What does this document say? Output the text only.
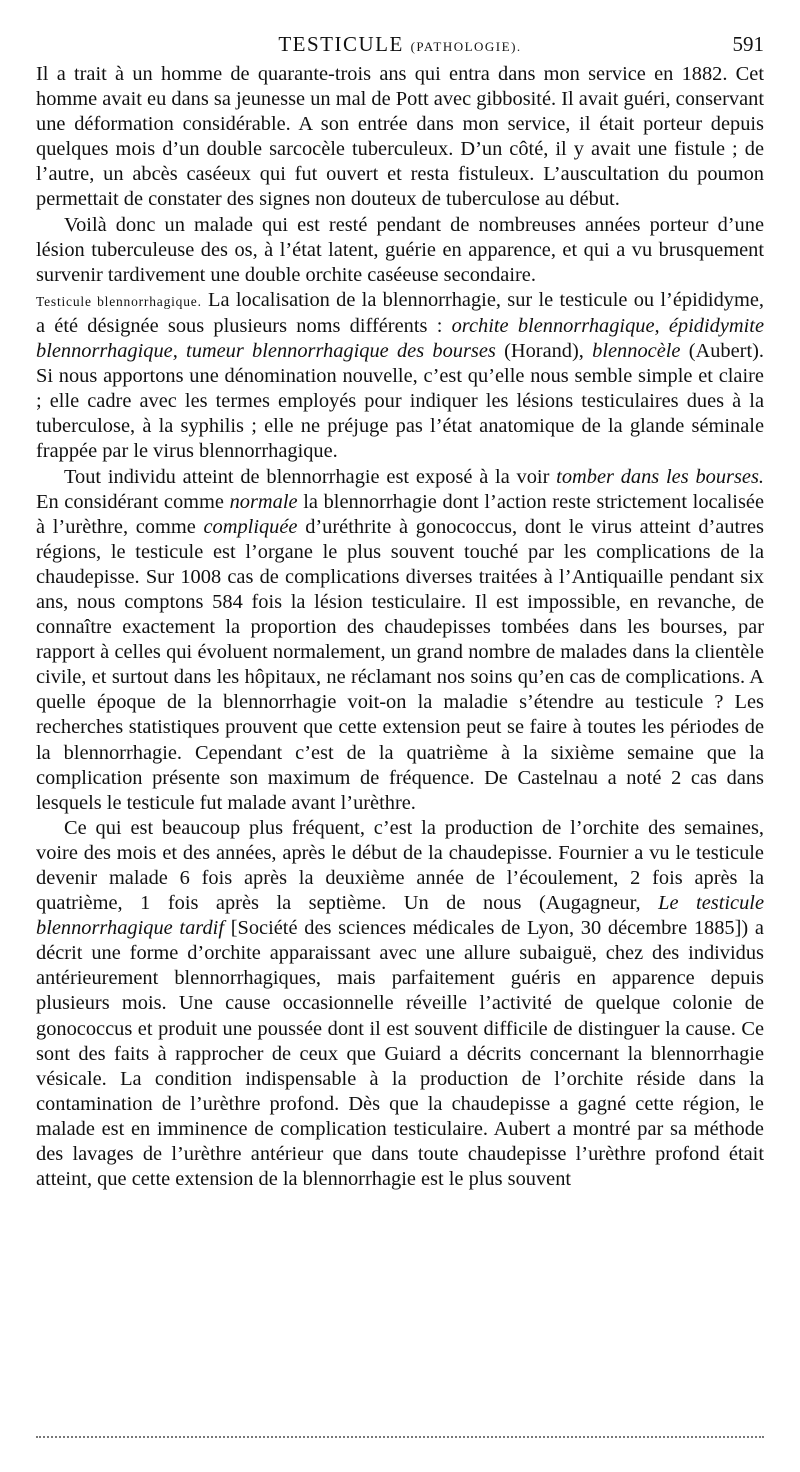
TESTICULE (PATHOLOGIE).	591

Il a trait à un homme de quarante-trois ans qui entra dans mon service en 1882. Cet homme avait eu dans sa jeunesse un mal de Pott avec gibbosité. Il avait guéri, conservant une déformation considérable. A son entrée dans mon service, il était porteur depuis quelques mois d’un double sarcocèle tuberculeux. D’un côté, il y avait une fistule ; de l’autre, un abcès caséeux qui fut ouvert et resta fistuleux. L’auscultation du poumon permettait de constater des signes non douteux de tuberculose au début.

Voilà donc un malade qui est resté pendant de nombreuses années porteur d’une lésion tuberculeuse des os, à l’état latent, guérie en apparence, et qui a vu brusquement survenir tardivement une double orchite caséeuse secondaire.

Testicule blennorrhagique. La localisation de la blennorrhagie, sur le testicule ou l’épididyme, a été désignée sous plusieurs noms différents : orchite blennorrhagique, épididymite blennorrhagique, tumeur blennorrhagique des bourses (Horand), blennocèle (Aubert). Si nous apportons une dénomination nouvelle, c’est qu’elle nous semble simple et claire ; elle cadre avec les termes employés pour indiquer les lésions testiculaires dues à la tuberculose, à la syphilis ; elle ne préjuge pas l’état anatomique de la glande séminale frappée par le virus blennorrhagique.

Tout individu atteint de blennorrhagie est exposé à la voir tomber dans les bourses. En considérant comme normale la blennorrhagie dont l’action reste strictement localisée à l’urèthre, comme compliquée d’uréthrite à gonococcus, dont le virus atteint d’autres régions, le testicule est l’organe le plus souvent touché par les complications de la chaudepisse. Sur 1008 cas de complications diverses traitées à l’Antiquaille pendant six ans, nous comptons 584 fois la lésion testiculaire. Il est impossible, en revanche, de connaître exactement la proportion des chaudepisses tombées dans les bourses, par rapport à celles qui évoluent normalement, un grand nombre de malades dans la clientèle civile, et surtout dans les hôpitaux, ne réclamant nos soins qu’en cas de complications. A quelle époque de la blennorrhagie voit-on la maladie s’étendre au testicule ? Les recherches statistiques prouvent que cette extension peut se faire à toutes les périodes de la blennorrhagie. Cependant c’est de la quatrième à la sixième semaine que la complication présente son maximum de fréquence. De Castelnau a noté 2 cas dans lesquels le testicule fut malade avant l’urèthre.

Ce qui est beaucoup plus fréquent, c’est la production de l’orchite des semaines, voire des mois et des années, après le début de la chaudepisse. Fournier a vu le testicule devenir malade 6 fois après la deuxième année de l’écoulement, 2 fois après la quatrième, 1 fois après la septième. Un de nous (Augagneur, Le testicule blennorrhagique tardif [Société des sciences médicales de Lyon, 30 décembre 1885]) a décrit une forme d’orchite apparaissant avec une allure subaiguë, chez des individus antérieurement blennorrhagiques, mais parfaitement guéris en apparence depuis plusieurs mois. Une cause occasionnelle réveille l’activité de quelque colonie de gonococcus et produit une poussée dont il est souvent difficile de distinguer la cause. Ce sont des faits à rapprocher de ceux que Guiard a décrits concernant la blennorrhagie vésicale. La condition indispensable à la production de l’orchite réside dans la contamination de l’urèthre profond. Dès que la chaudepisse a gagné cette région, le malade est en imminence de complication testiculaire. Aubert a montré par sa méthode des lavages de l’urèthre antérieur que dans toute chaudepisse l’urèthre profond était atteint, que cette extension de la blennorrhagie est le plus souvent
